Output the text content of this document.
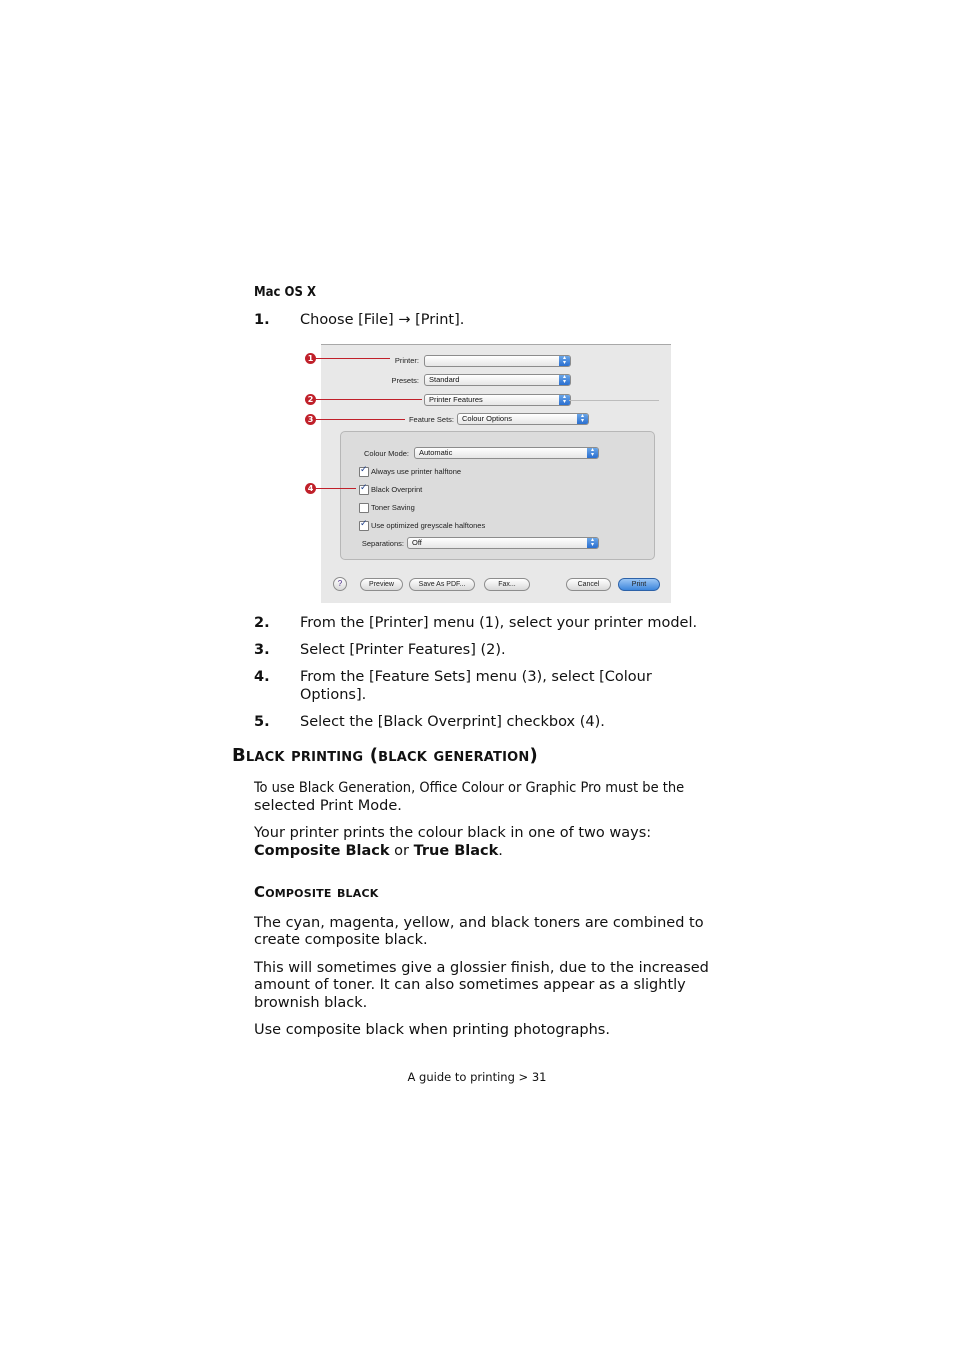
Mac OS X
1. Choose [File] → [Print].
Printer:	▴
▾
Presets:	Standard	▴
▾
Printer Features	▴
▾
Feature Sets:	Colour Options	▴
▾
Colour Mode:	Automatic	▴
▾
✓
Always use printer halftone
✓
Black Overprint
Toner Saving
✓
Use optimized greyscale halftones
Separations:	Off	▴
▾
?	Preview	Save As PDF...	Fax...	Cancel	Print
1
2
3
4
2. From the [Printer] menu (1), select your printer model.
3. Select [Printer Features] (2).
4. From the [Feature Sets] menu (3), select [Colour
Options].
5. Select the [Black Overprint] checkbox (4).
Black printing (black generation)
To use Black Generation, Office Colour or Graphic Pro must be the
selected Print Mode.
Your printer prints the colour black in one of two ways:
Composite Black or True Black.
Composite black
The cyan, magenta, yellow, and black toners are combined to
create composite black.
This will sometimes give a glossier finish, due to the increased
amount of toner. It can also sometimes appear as a slightly
brownish black.
Use composite black when printing photographs.
A guide to printing > 31
